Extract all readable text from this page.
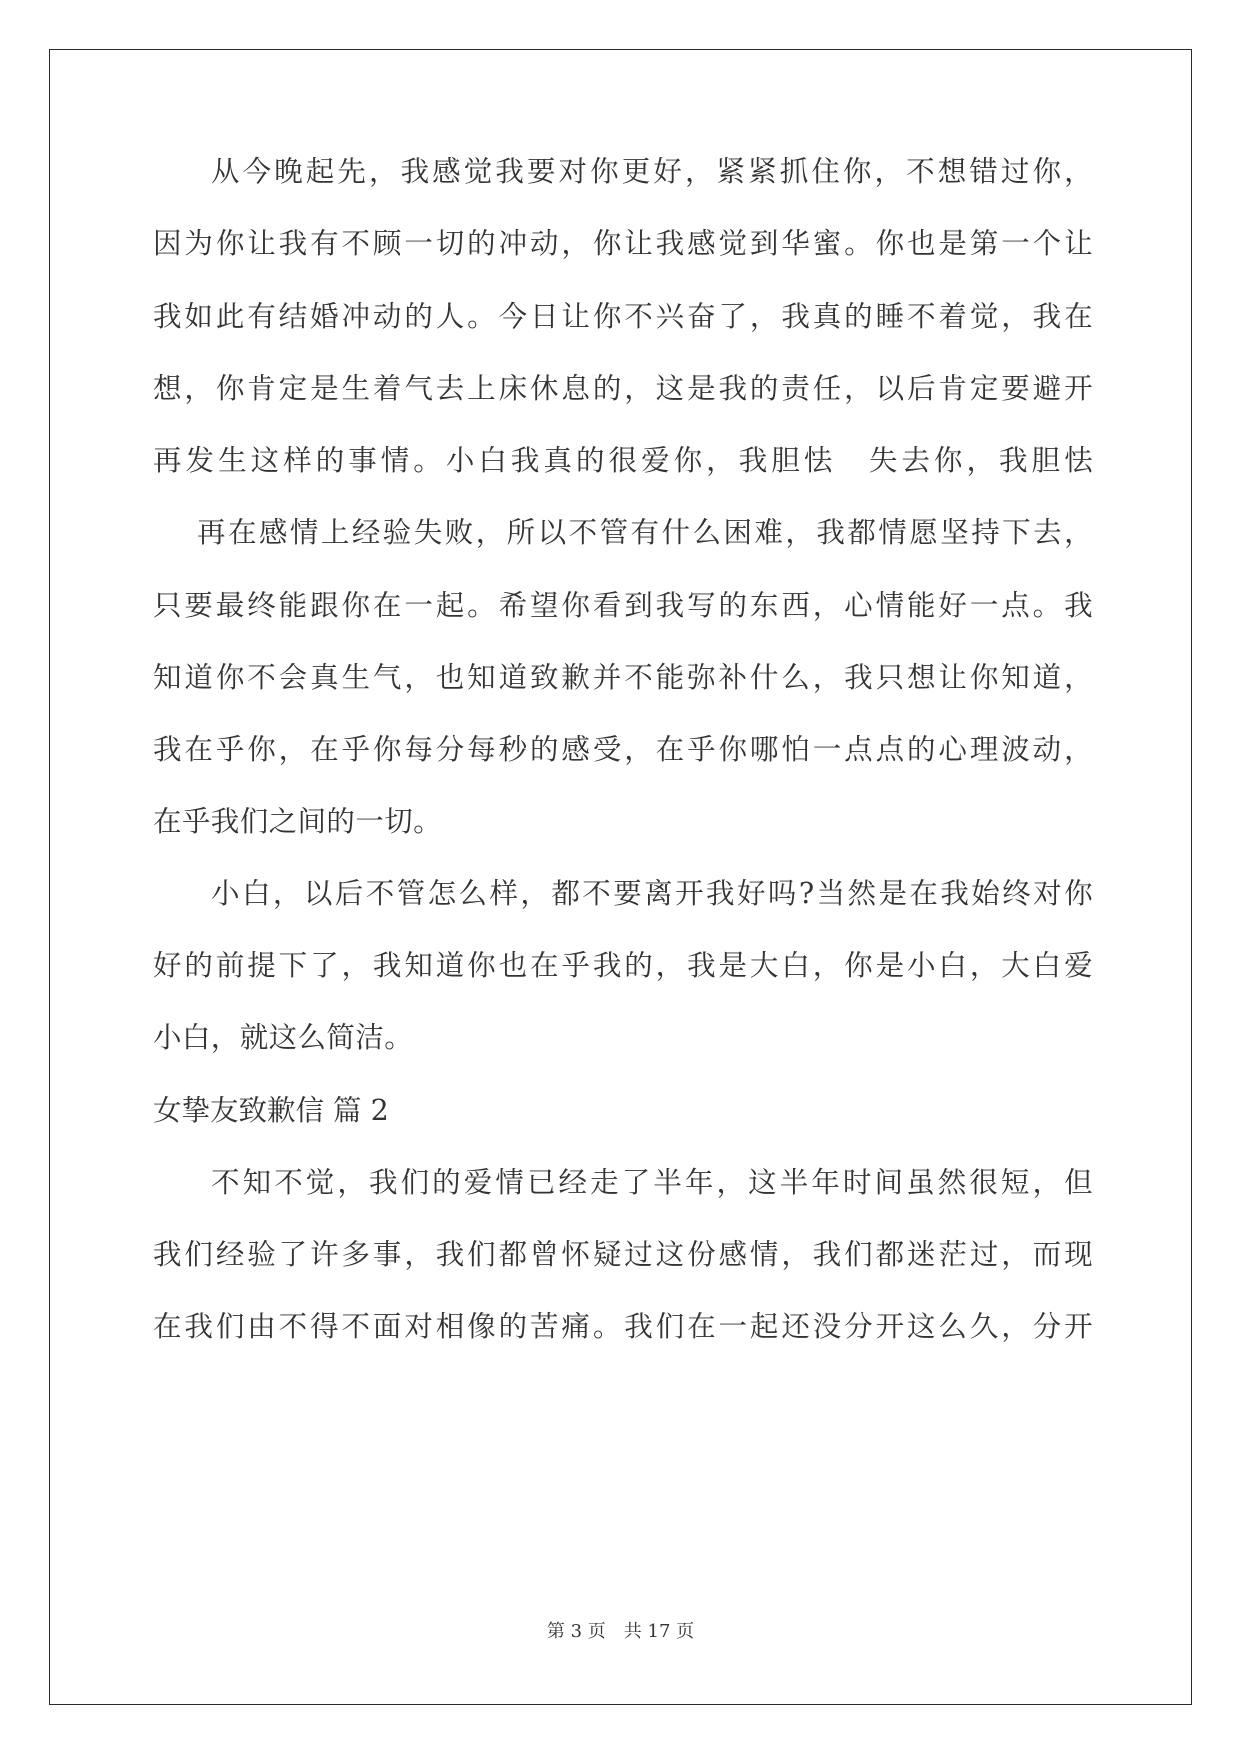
从今晚起先，我感觉我要对你更好，紧紧抓住你，不想错过你，
因为你让我有不顾一切的冲动，你让我感觉到华蜜。你也是第一个让
我如此有结婚冲动的人。今日让你不兴奋了，我真的睡不着觉，我在
想，你肯定是生着气去上床休息的，这是我的责任，以后肯定要避开
再发生这样的事情。小白我真的很爱你，我胆怯　失去你，我胆怯
再在感情上经验失败，所以不管有什么困难，我都情愿坚持下去，
只要最终能跟你在一起。希望你看到我写的东西，心情能好一点。我
知道你不会真生气，也知道致歉并不能弥补什么，我只想让你知道，
我在乎你，在乎你每分每秒的感受，在乎你哪怕一点点的心理波动，
在乎我们之间的一切。
小白，以后不管怎么样，都不要离开我好吗?当然是在我始终对你
好的前提下了，我知道你也在乎我的，我是大白，你是小白，大白爱
小白，就这么简洁。
女挚友致歉信 篇 2
不知不觉，我们的爱情已经走了半年，这半年时间虽然很短，但
我们经验了许多事，我们都曾怀疑过这份感情，我们都迷茫过，而现
在我们由不得不面对相像的苦痛。我们在一起还没分开这么久，分开
第 3 页　共 17 页
